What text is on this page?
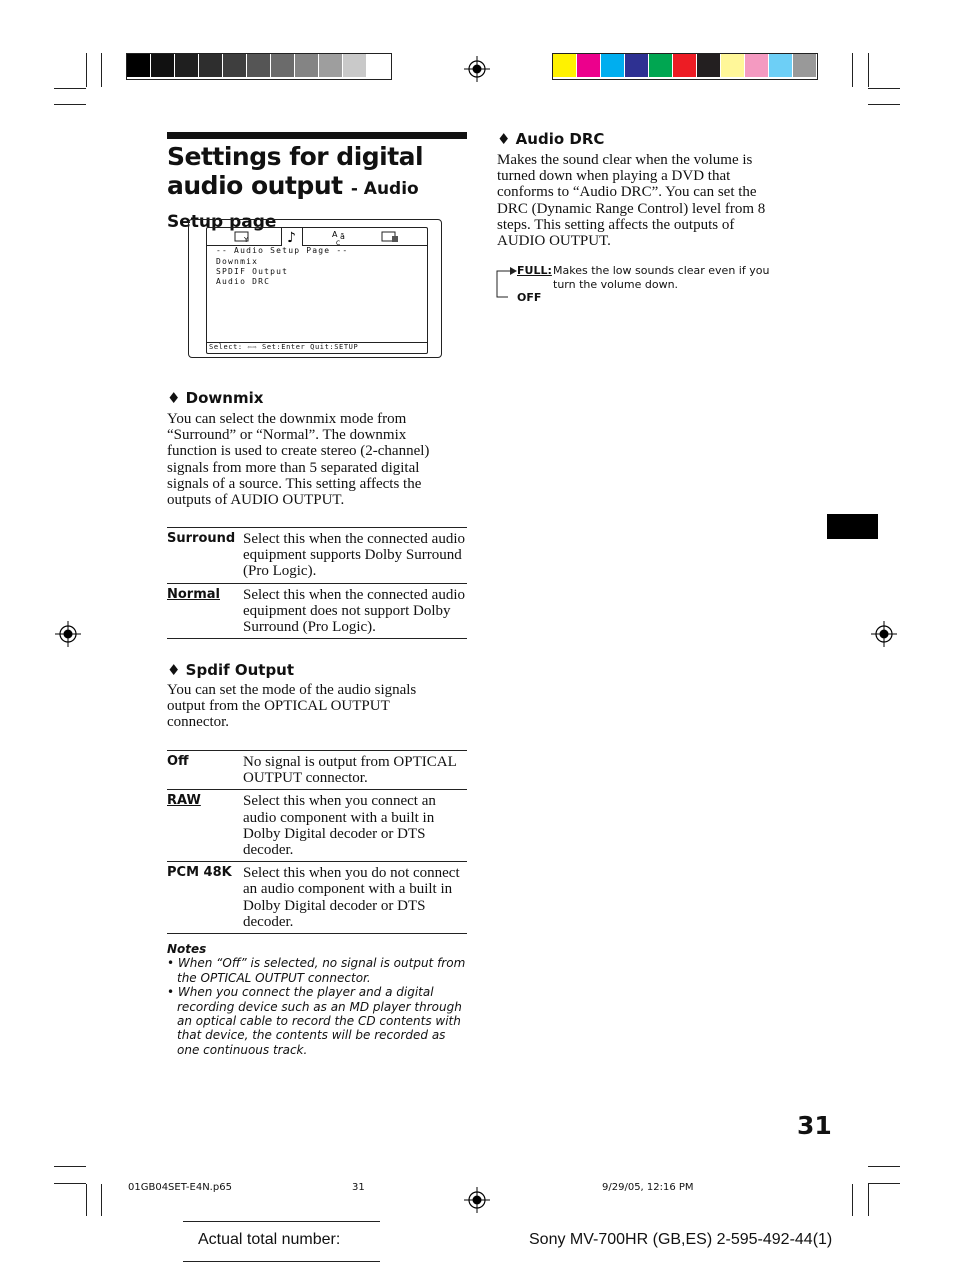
Settings for digital audio output - Audio Setup page
Y	♪	A ā
C
-- Audio Setup Page --
Downmix
SPDIF Output
Audio DRC
Select: ⇦⇨ Set:Enter Quit:SETUP
♦ Downmix
You can select the downmix mode from “Surround” or “Normal”. The downmix function is used to create stereo (2-channel) signals from more than 5 separated digital signals of a source. This setting affects the outputs of AUDIO OUTPUT.
Surround	Select this when the connected audio equipment supports Dolby Surround (Pro Logic).
Normal	Select this when the connected audio equipment does not support Dolby Surround (Pro Logic).
♦ Spdif Output
You can set the mode of the audio signals output from the OPTICAL OUTPUT connector.
Off	No signal is output from OPTICAL OUTPUT connector.
RAW	Select this when you connect an audio component with a built in Dolby Digital decoder or DTS decoder.
PCM 48K	Select this when you do not connect an audio component with a built in Dolby Digital decoder or DTS decoder.
Notes
• When “Off” is selected, no signal is output from the OPTICAL OUTPUT connector.
• When you connect the player and a digital recording device such as an MD player through an optical cable to record the CD contents with that device, the contents will be recorded as one continuous track.
♦ Audio DRC
Makes the sound clear when the volume is turned down when playing a DVD that conforms to “Audio DRC”. You can set the DRC (Dynamic Range Control) level from 8 steps. This setting affects the outputs of AUDIO OUTPUT.
FULL: Makes the low sounds clear even if you turn the volume down.
OFF
31
01GB04SET-E4N.p65	31	9/29/05, 12:16 PM
Actual total number:	Sony MV-700HR (GB,ES) 2-595-492-44(1)
